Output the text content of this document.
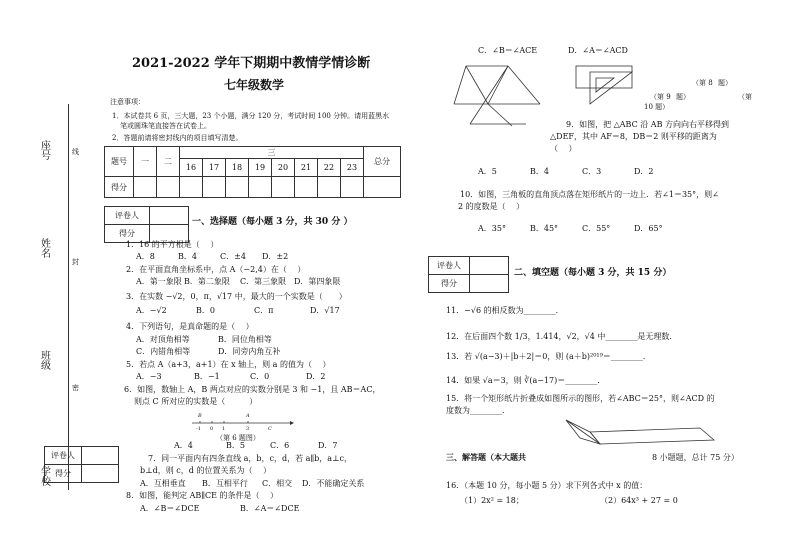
座号
姓名
班级
学校
线
封
密
评卷人	
得分	
2021-2022 学年下期期中教情学情诊断
七年级数学
注意事项：
1．本试卷共 6 页，三大题，23 个小题，满分 120 分，考试时间 100 分钟。请用蓝黑水
笔或圆珠笔直接答在试卷上。
2．答题前请将密封线内的项目填写清楚。
题号	一	二	三								总分
			16	17	18	19	20	21	22	23	
得分											
评卷人	
得分	
一、选择题（每小题 3 分，共 30 分 ）
1．16 的平方根是（　 ）
A．8	B．4	C．±4 D．±2
2．在平面直角坐标系中，点 A（−2,4）在（　 ）
A．第一象限 B．第二象限 C．第三象限 D．第四象限
3．在实数 −√2，0，π，√17 中，最大的一个实数是（　　）
A．−√2	B．0	C．π	D．√17
4．下列语句，是真命题的是（　 ）
A．对顶角相等	B．同位角相等
C．内错角相等	D．同旁内角互补
5．若点 A（a+3，a+1）在 x 轴上，则 a 的值为（　 ）
A．−3	B．−1	C．0	D．2
6．如图，数轴上 A，B 两点对应的实数分别是 3 和 −1，且 AB＝AC，
则点 C 所对应的实数是（　　　）
B	A
-1 0 1	3	C
（第 6 题图）
A．4	B．5	C．6	D．7
7．同一平面内有四条直线 a，b，c，d，若 a∥b，a⊥c，
b⊥d，则 c，d 的位置关系为（　 ）
A．互相垂直 B．互相平行 C．相交 D．不能确定关系
8．如图，能判定 AB∥CE 的条件是（　 ）
A．∠B＝∠DCE	B．∠A＝∠DCE
C．∠B＝∠ACE	D．∠A＝∠ACD
（第 8 题）
（第 9 题）	（第
10 题）
9．如图，把 △ABC 沿 AB 方向向右平移得到
△DEF，其中 AF＝8，DB＝2 则平移的距离为
（　 ）
A．5	B．4	C．3	D．2
10．如图，三角板的直角顶点落在矩形纸片的一边上．若∠1＝35°，则∠
2 的度数是（　 ）
A．35°	B．45°	C．55°	D．65°
评卷人	
得分	
二、填空题（每小题 3 分，共 15 分）
11．−√6 的相反数为________．
12．在后面四个数 1/3，1.414，√2，√4 中________是无理数．
13．若 √(a−3)＋|b＋2|＝0，则 (a＋b)²⁰¹⁹＝________．
14．如果 √a＝3，则 ∛(a−17)＝________．
15．将一个矩形纸片折叠成如图所示的图形，若∠ABC＝25°，则∠ACD 的
度数为________．
三、解答题（本大题共	8 小题题，总计 75 分）
16．（本题 10 分，每小题 5 分）求下列各式中 x 的值：
（1）2x² = 18；	（2）64x³ + 27 = 0
